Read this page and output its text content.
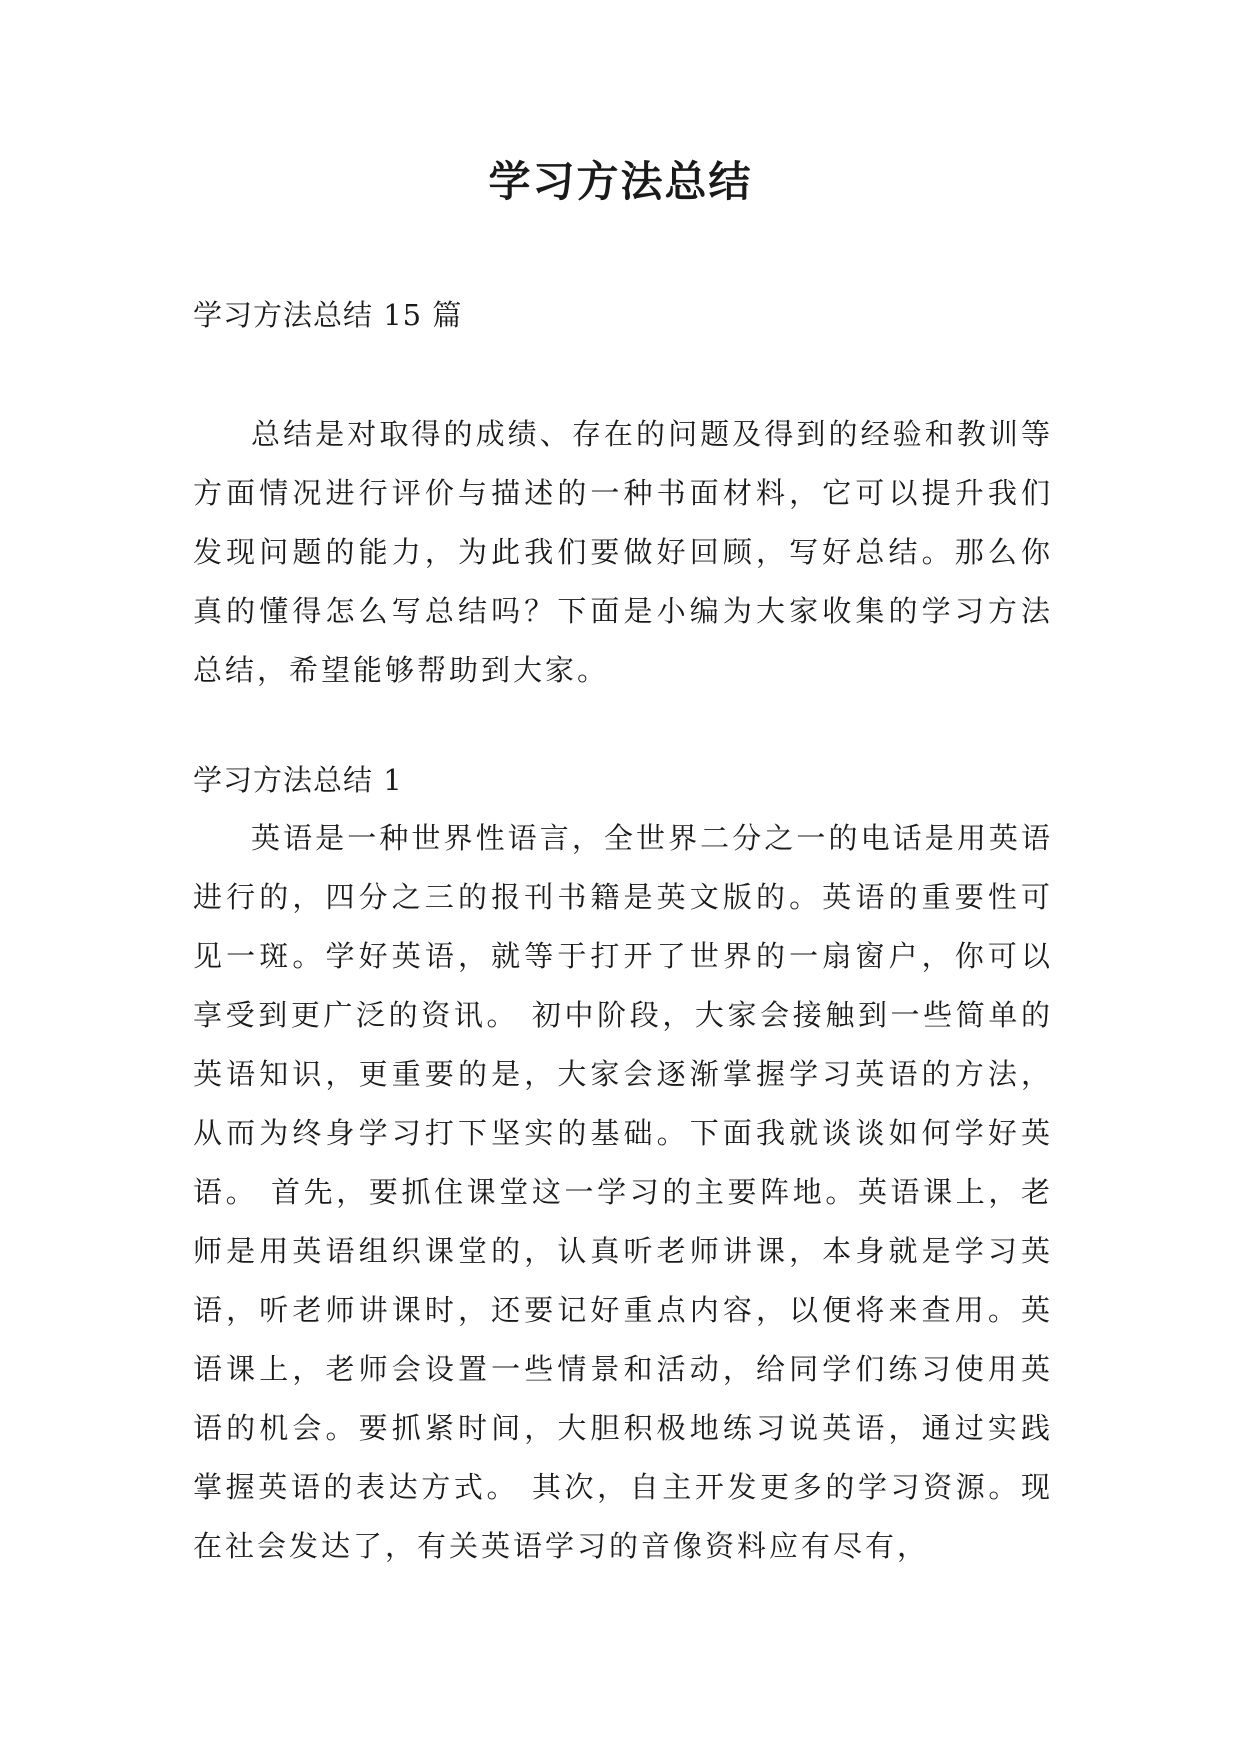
学习方法总结

学习方法总结 15 篇

总结是对取得的成绩、存在的问题及得到的经验和教训等方面情况进行评价与描述的一种书面材料，它可以提升我们发现问题的能力，为此我们要做好回顾，写好总结。那么你真的懂得怎么写总结吗？下面是小编为大家收集的学习方法总结，希望能够帮助到大家。

学习方法总结 1

英语是一种世界性语言，全世界二分之一的电话是用英语进行的，四分之三的报刊书籍是英文版的。英语的重要性可见一斑。学好英语，就等于打开了世界的一扇窗户，你可以享受到更广泛的资讯。 初中阶段，大家会接触到一些简单的英语知识，更重要的是，大家会逐渐掌握学习英语的方法，从而为终身学习打下坚实的基础。下面我就谈谈如何学好英语。 首先，要抓住课堂这一学习的主要阵地。英语课上，老师是用英语组织课堂的，认真听老师讲课，本身就是学习英语，听老师讲课时，还要记好重点内容，以便将来查用。英语课上，老师会设置一些情景和活动，给同学们练习使用英语的机会。要抓紧时间，大胆积极地练习说英语，通过实践掌握英语的表达方式。 其次，自主开发更多的学习资源。现在社会发达了，有关英语学习的音像资料应有尽有，
